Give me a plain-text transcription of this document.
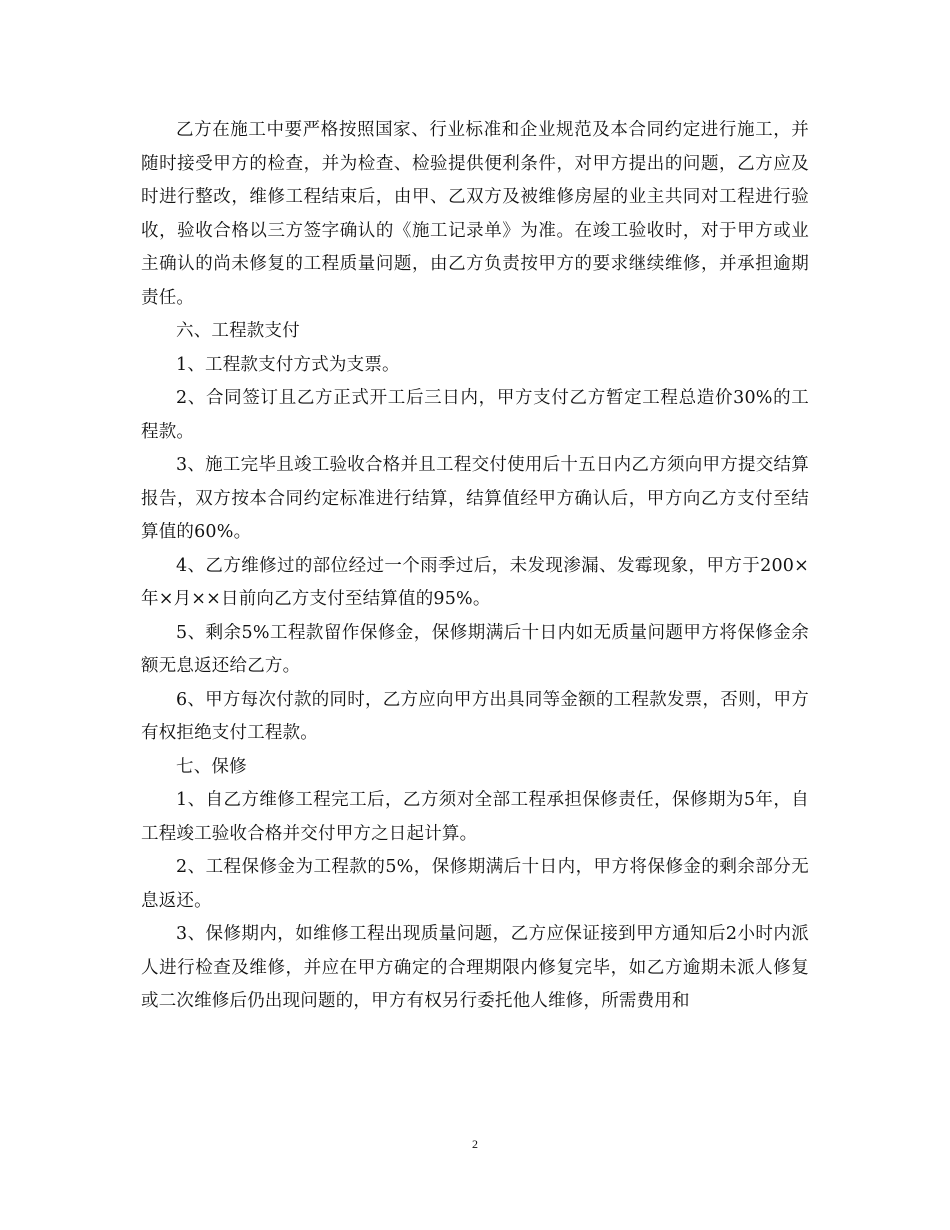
乙方在施工中要严格按照国家、行业标准和企业规范及本合同约定进行施工，并随时接受甲方的检查，并为检查、检验提供便利条件，对甲方提出的问题，乙方应及时进行整改，维修工程结束后，由甲、乙双方及被维修房屋的业主共同对工程进行验收，验收合格以三方签字确认的《施工记录单》为准。在竣工验收时，对于甲方或业主确认的尚未修复的工程质量问题，由乙方负责按甲方的要求继续维修，并承担逾期责任。

六、工程款支付

1、工程款支付方式为支票。

2、合同签订且乙方正式开工后三日内，甲方支付乙方暂定工程总造价30%的工程款。

3、施工完毕且竣工验收合格并且工程交付使用后十五日内乙方须向甲方提交结算报告，双方按本合同约定标准进行结算，结算值经甲方确认后，甲方向乙方支付至结算值的60%。

4、乙方维修过的部位经过一个雨季过后，未发现渗漏、发霉现象，甲方于200×年×月××日前向乙方支付至结算值的95%。

5、剩余5%工程款留作保修金，保修期满后十日内如无质量问题甲方将保修金余额无息返还给乙方。

6、甲方每次付款的同时，乙方应向甲方出具同等金额的工程款发票，否则，甲方有权拒绝支付工程款。

七、保修

1、自乙方维修工程完工后，乙方须对全部工程承担保修责任，保修期为5年，自工程竣工验收合格并交付甲方之日起计算。

2、工程保修金为工程款的5%，保修期满后十日内，甲方将保修金的剩余部分无息返还。

3、保修期内，如维修工程出现质量问题，乙方应保证接到甲方通知后2小时内派人进行检查及维修，并应在甲方确定的合理期限内修复完毕，如乙方逾期未派人修复或二次维修后仍出现问题的，甲方有权另行委托他人维修，所需费用和

2
